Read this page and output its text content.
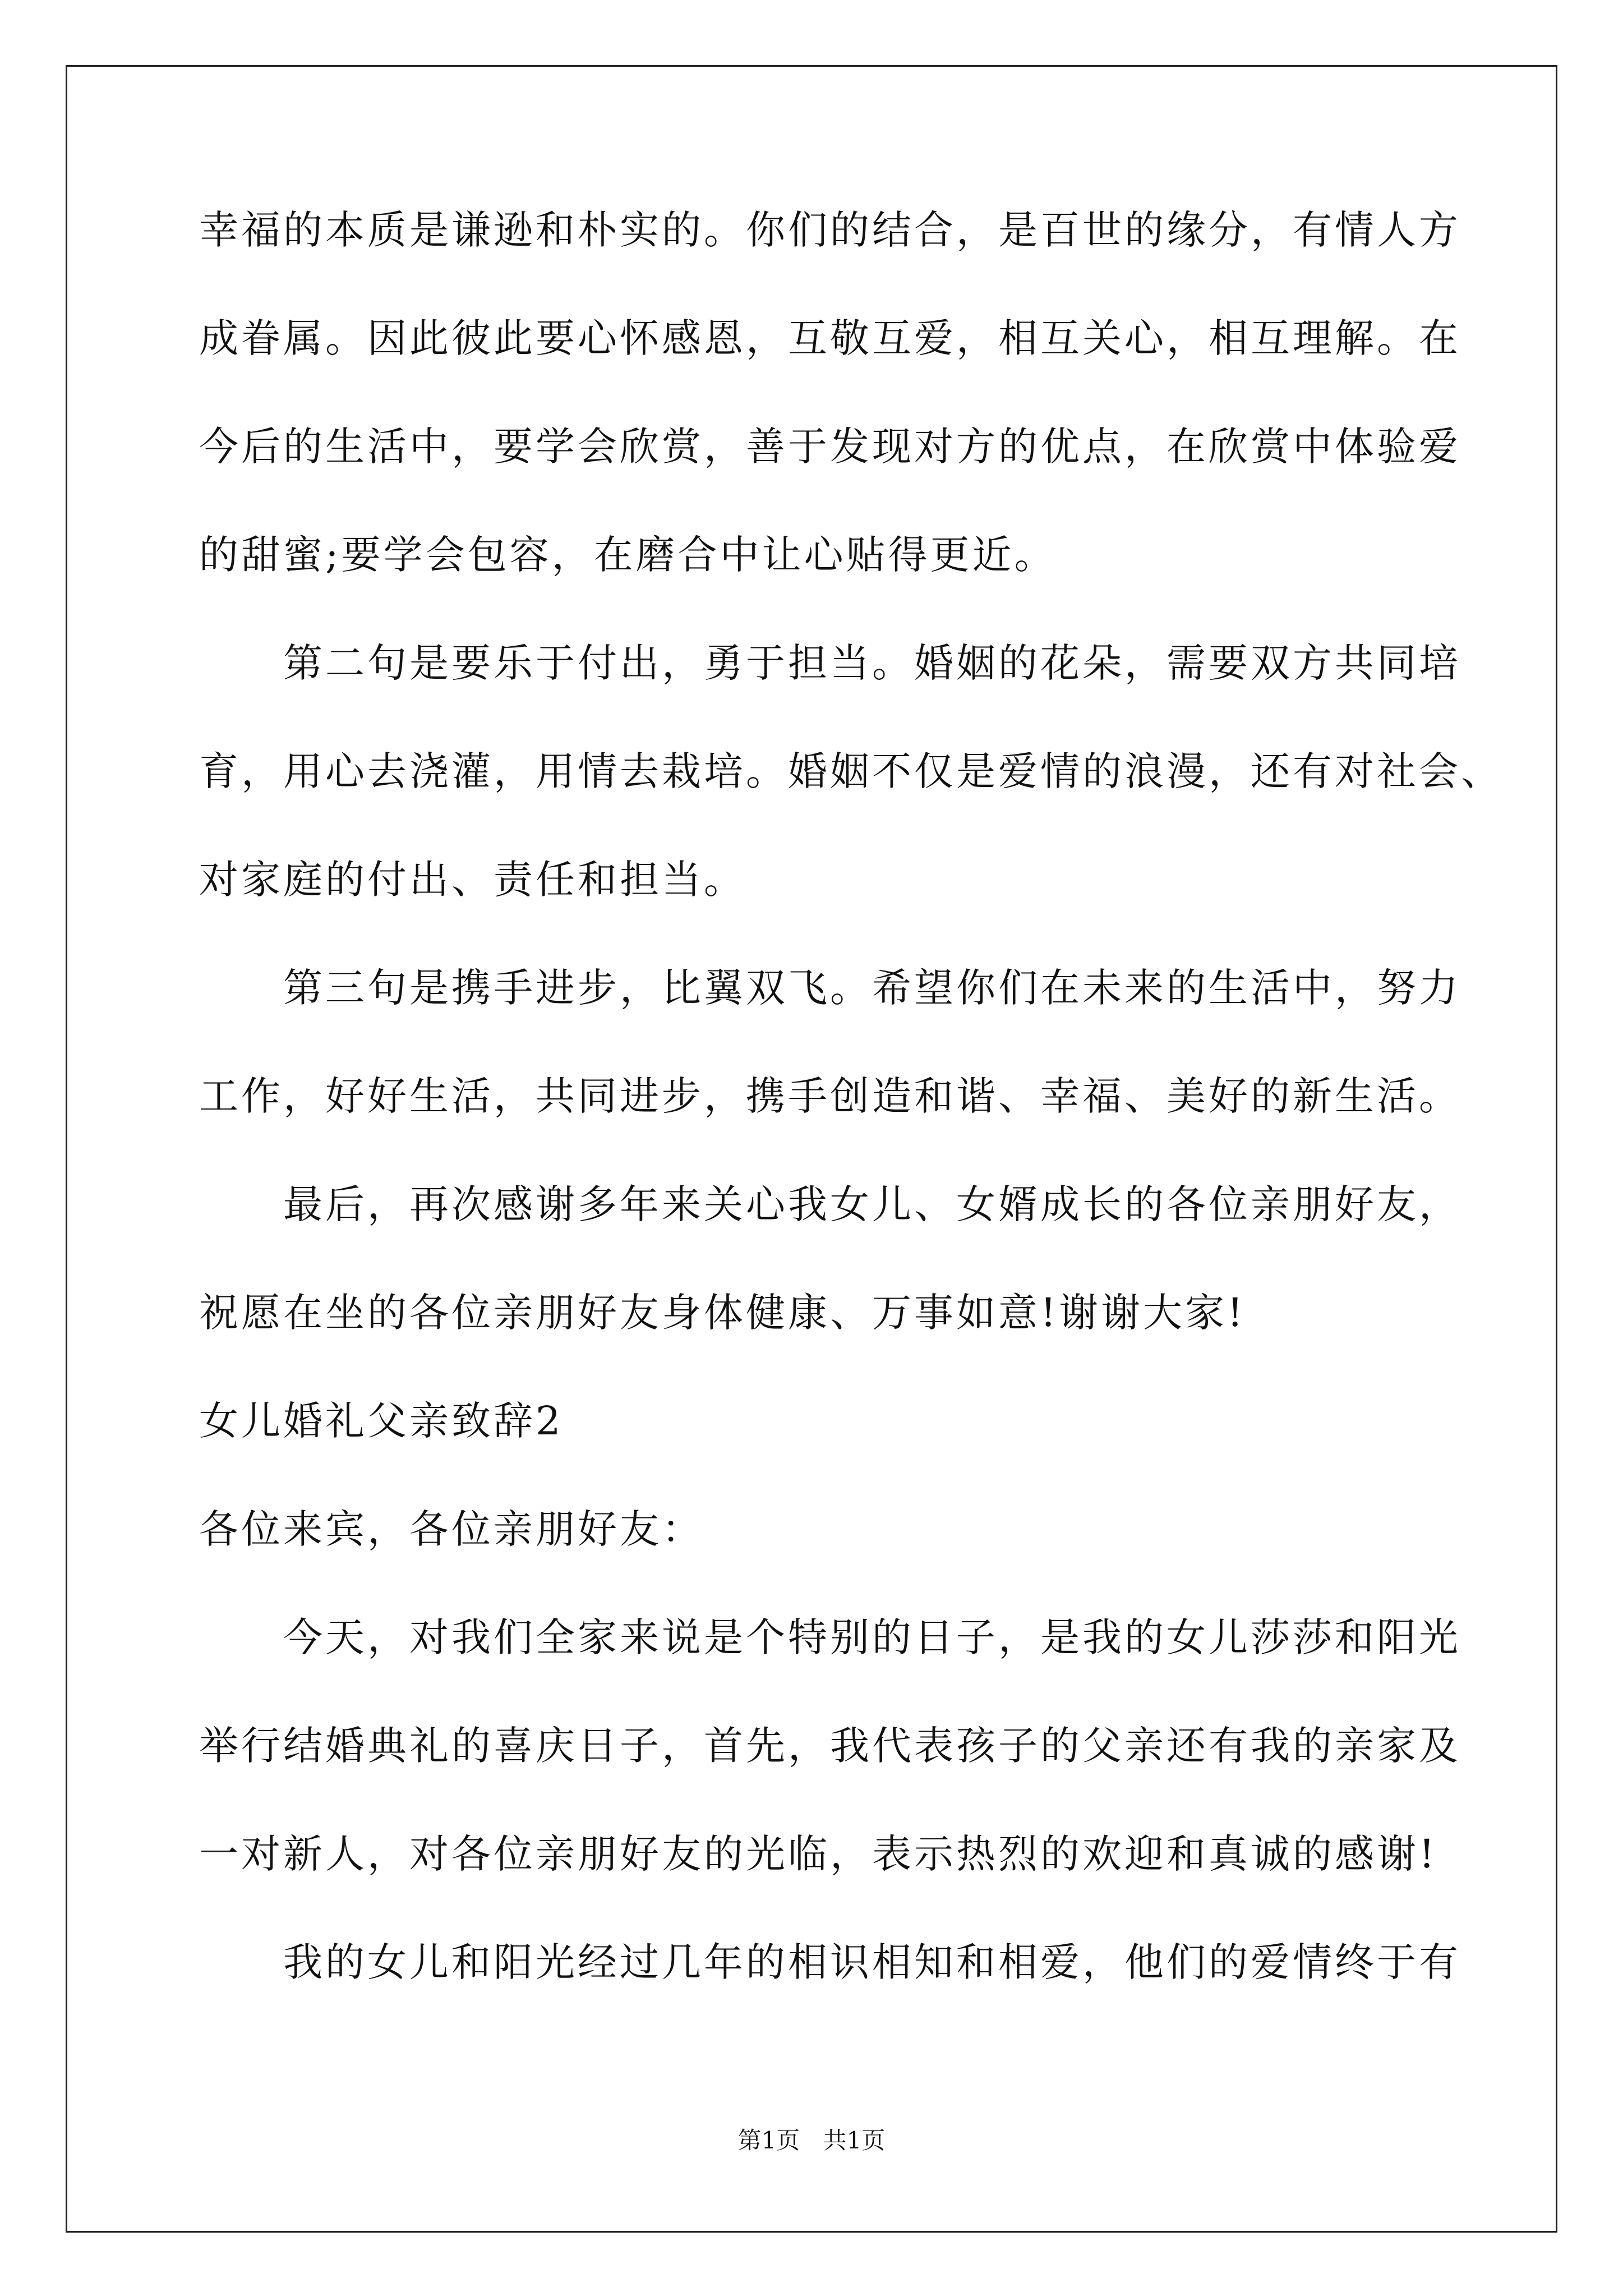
幸福的本质是谦逊和朴实的。你们的结合，是百世的缘分，有情人方
成眷属。因此彼此要心怀感恩，互敬互爱，相互关心，相互理解。在
今后的生活中，要学会欣赏，善于发现对方的优点，在欣赏中体验爱
的甜蜜;要学会包容，在磨合中让心贴得更近。
第二句是要乐于付出，勇于担当。婚姻的花朵，需要双方共同培
育，用心去浇灌，用情去栽培。婚姻不仅是爱情的浪漫，还有对社会、
对家庭的付出、责任和担当。
第三句是携手进步，比翼双飞。希望你们在未来的生活中，努力
工作，好好生活，共同进步，携手创造和谐、幸福、美好的新生活。
最后，再次感谢多年来关心我女儿、女婿成长的各位亲朋好友，
祝愿在坐的各位亲朋好友身体健康、万事如意!谢谢大家!
女儿婚礼父亲致辞2
各位来宾，各位亲朋好友：
今天，对我们全家来说是个特别的日子，是我的女儿莎莎和阳光
举行结婚典礼的喜庆日子，首先，我代表孩子的父亲还有我的亲家及
一对新人，对各位亲朋好友的光临，表示热烈的欢迎和真诚的感谢!
我的女儿和阳光经过几年的相识相知和相爱，他们的爱情终于有
第1页 共1页
